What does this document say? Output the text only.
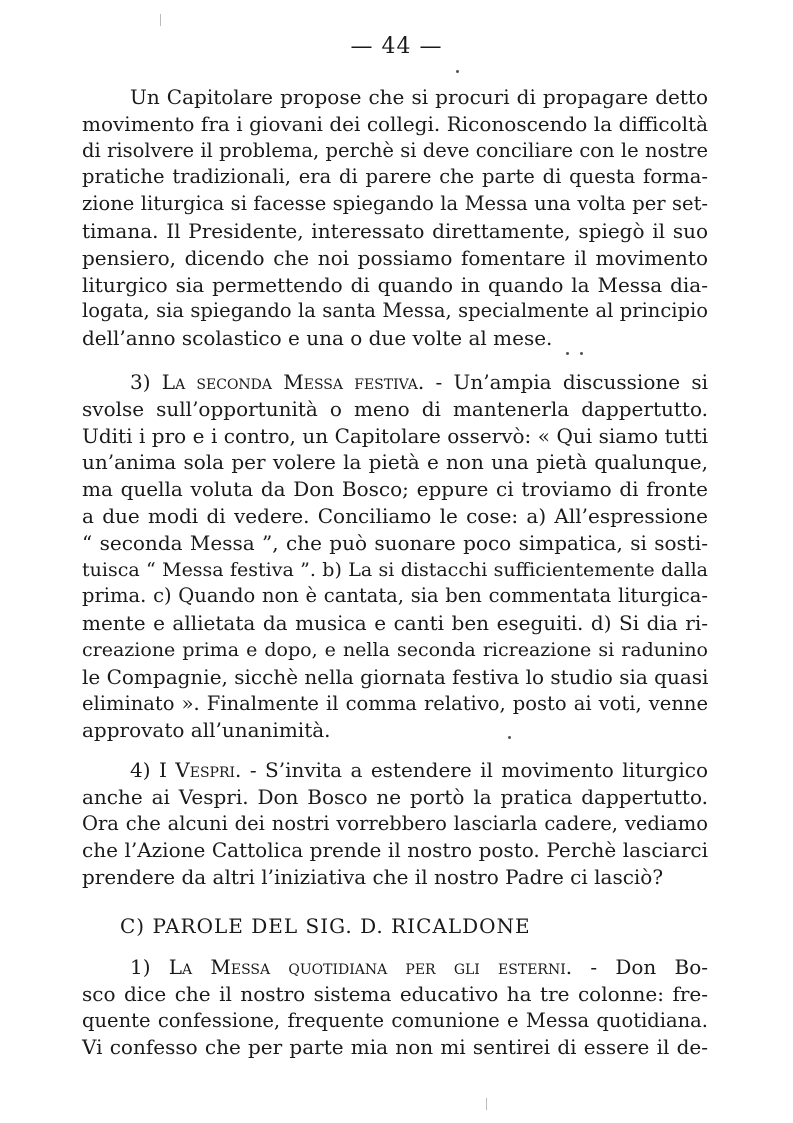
— 44 —
Un Capitolare propose che si procuri di propagare detto
movimento fra i giovani dei collegi. Riconoscendo la difficoltà
di risolvere il problema, perchè si deve conciliare con le nostre
pratiche tradizionali, era di parere che parte di questa forma-
zione liturgica si facesse spiegando la Messa una volta per set-
timana. Il Presidente, interessato direttamente, spiegò il suo
pensiero, dicendo che noi possiamo fomentare il movimento
liturgico sia permettendo di quando in quando la Messa dia-
logata, sia spiegando la santa Messa, specialmente al principio
dell’anno scolastico e una o due volte al mese.
3) La seconda Messa festiva. - Un’ampia discussione si
svolse sull’opportunità o meno di mantenerla dappertutto.
Uditi i pro e i contro, un Capitolare osservò: « Qui siamo tutti
un’anima sola per volere la pietà e non una pietà qualunque,
ma quella voluta da Don Bosco; eppure ci troviamo di fronte
a due modi di vedere. Conciliamo le cose: a) All’espressione
“ seconda Messa ”, che può suonare poco simpatica, si sosti-
tuisca “ Messa festiva ”. b) La si distacchi sufficientemente dalla
prima. c) Quando non è cantata, sia ben commentata liturgica-
mente e allietata da musica e canti ben eseguiti. d) Si dia ri-
creazione prima e dopo, e nella seconda ricreazione si radunino
le Compagnie, sicchè nella giornata festiva lo studio sia quasi
eliminato ». Finalmente il comma relativo, posto ai voti, venne
approvato all’unanimità.
4) I Vespri. - S’invita a estendere il movimento liturgico
anche ai Vespri. Don Bosco ne portò la pratica dappertutto.
Ora che alcuni dei nostri vorrebbero lasciarla cadere, vediamo
che l’Azione Cattolica prende il nostro posto. Perchè lasciarci
prendere da altri l’iniziativa che il nostro Padre ci lasciò?
C) PAROLE DEL SIG. D. RICALDONE
1) La Messa quotidiana per gli esterni. - Don Bo-
sco dice che il nostro sistema educativo ha tre colonne: fre-
quente confessione, frequente comunione e Messa quotidiana.
Vi confesso che per parte mia non mi sentirei di essere il de-
